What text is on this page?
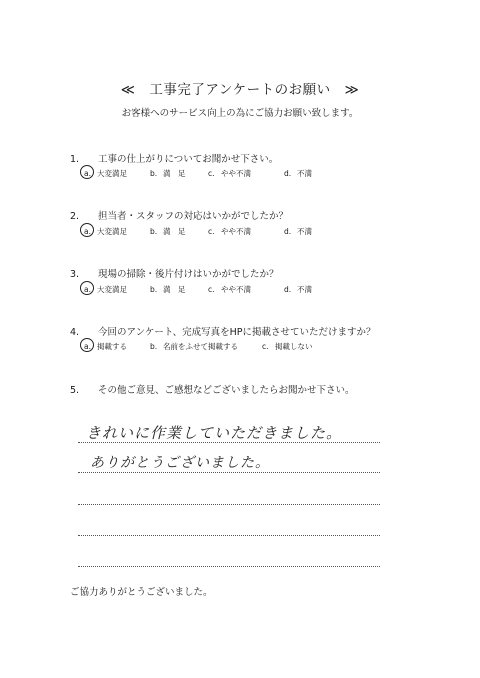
≪　工事完了アンケートのお願い　≫
お客様へのサービス向上の為にご協力お願い致します。
1. 工事の仕上がりについてお聞かせ下さい。
a. 大変満足	b. 満　足	c. やや不満	d. 不満
2. 担当者・スタッフの対応はいかがでしたか？
a. 大変満足	b. 満　足	c. やや不満	d. 不満
3. 現場の掃除・後片付けはいかがでしたか？
a. 大変満足	b. 満　足	c. やや不満	d. 不満
4. 今回のアンケート、完成写真をHPに掲載させていただけますか？
a. 掲載する	b. 名前をふせて掲載する	c. 掲載しない
5. その他ご意見、ご感想などございましたらお聞かせ下さい。
きれいに作業していただきました。
ありがとうございました。
ご協力ありがとうございました。
